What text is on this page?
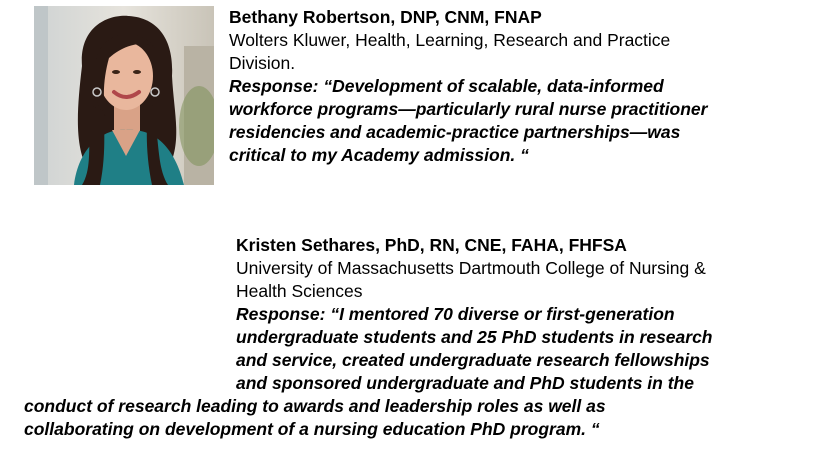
Bethany Robertson, DNP, CNM, FNAP
Wolters Kluwer, Health, Learning, Research and Practice
Division.
Response: “Development of scalable, data-informed
workforce programs—particularly rural nurse practitioner
residencies and academic-practice partnerships—was
critical to my Academy admission. “
Kristen Sethares, PhD, RN, CNE, FAHA, FHFSA
University of Massachusetts Dartmouth College of Nursing &
Health Sciences
Response: “I mentored 70 diverse or first-generation
undergraduate students and 25 PhD students in research
and service, created undergraduate research fellowships
and sponsored undergraduate and PhD students in the
conduct of research leading to awards and leadership roles as well as
collaborating on development of a nursing education PhD program. “
